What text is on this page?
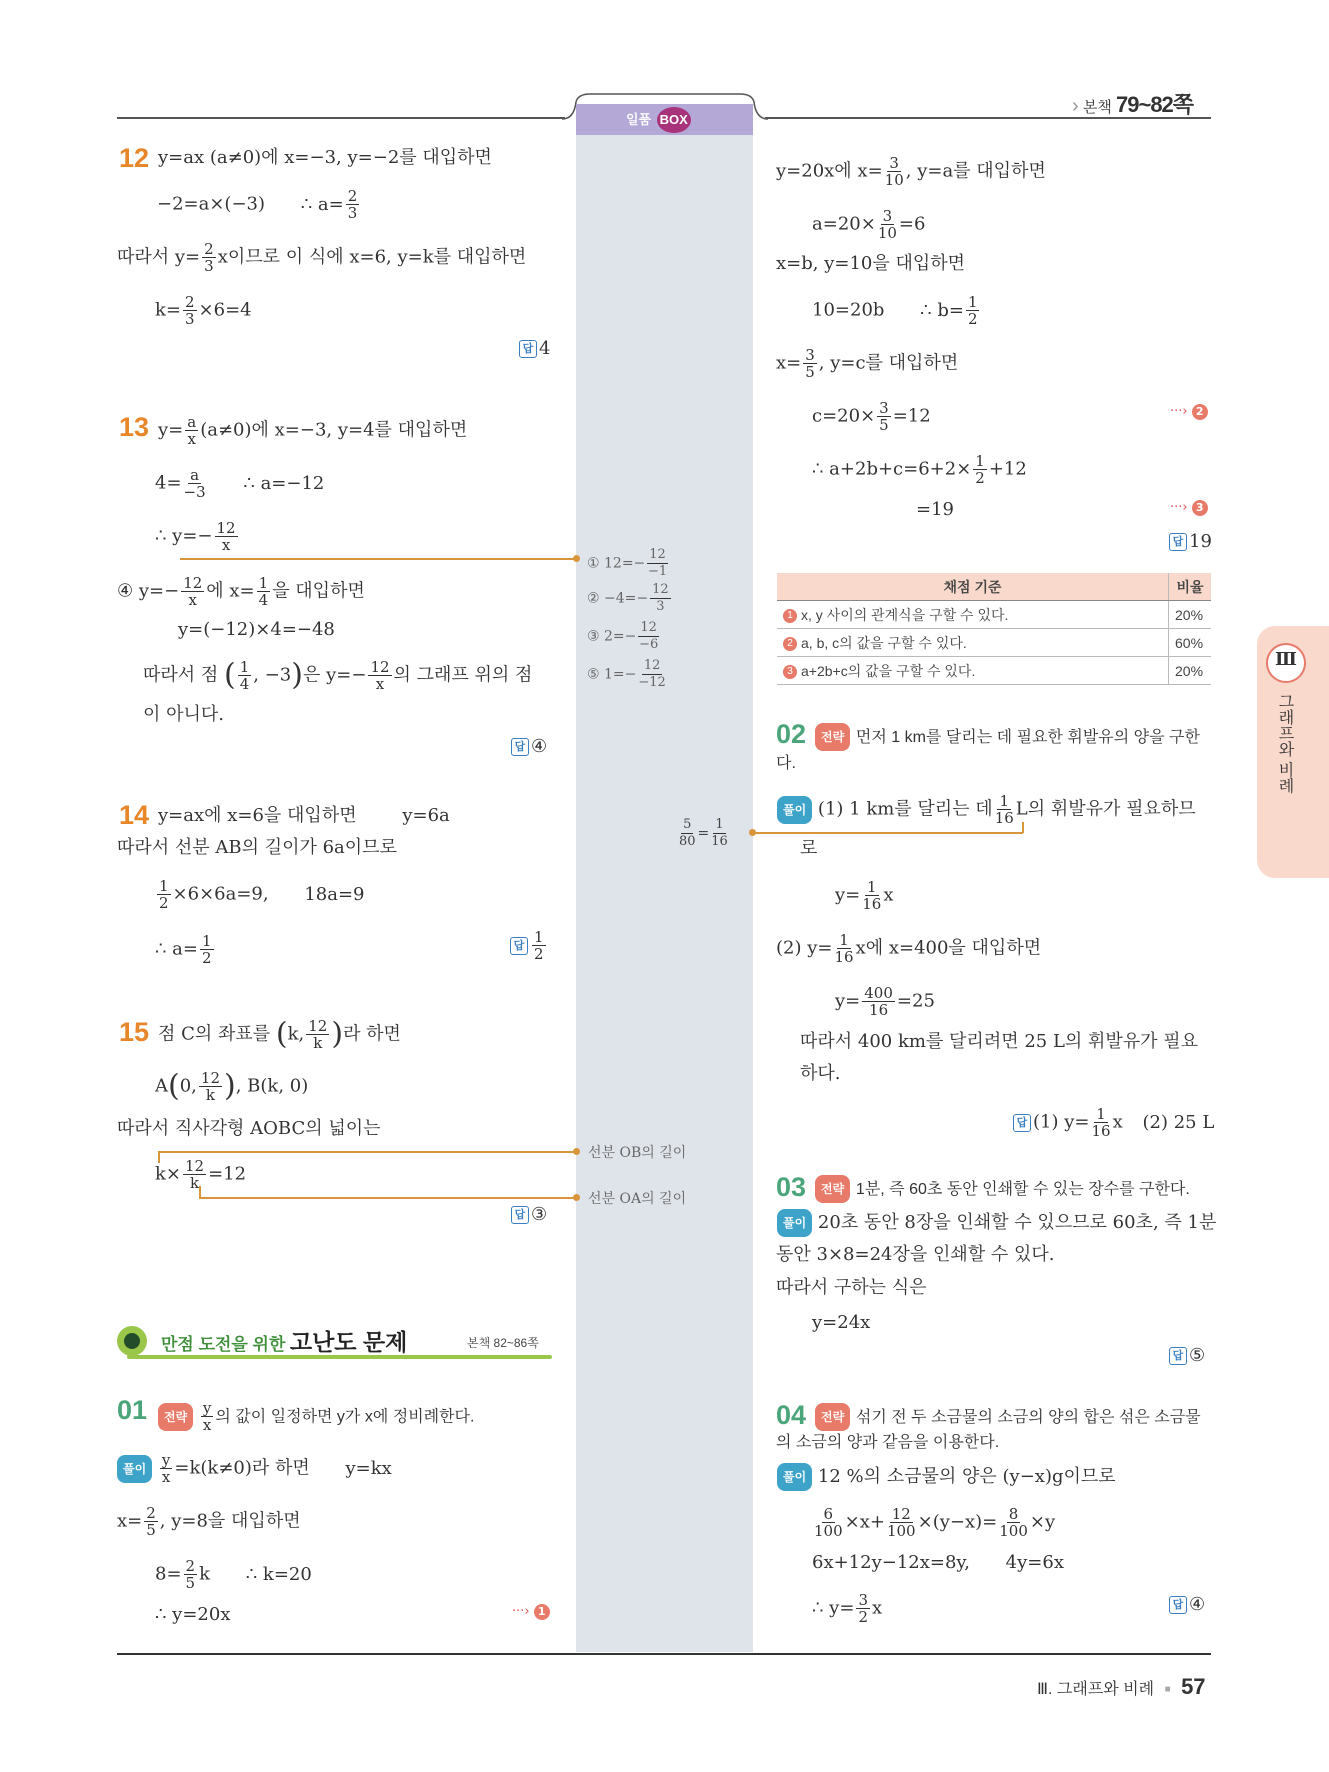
› 본책 79~82쪽
일품 BOX
12 y=ax (a≠0)에 x=−3, y=−2를 대입하면
−2=a×(−3) ∴ $a= \frac{2}{3}$
따라서 $y= \frac{2}{3}$ x이므로 이 식에 x=6, y=k를 대입하면
$k= \frac{2}{3} \times 6=4$
답 4
13 $y= \frac{a}{x} (a\ne 0)$에 x=−3, y=4를 대입하면
$4= \frac{a}{-3}$ ∴ a=−12
∴ $y=- \frac{12}{x}$
④ $y=- \frac{12}{x}$ 에 $x= \frac{1}{4}$ 을 대입하면
y=(−12)×4=−48
따라서 점 ( $\frac{1}{4}$ , −3)은 $y=- \frac{12}{x}$ 의 그래프 위의 점
이 아니다.
답 ④
① $12=- \frac{12}{-1}$
② $-4=- \frac{12}{3}$
③ $2=- \frac{12}{-6}$
⑤ $1=- \frac{12}{-12}$
14 y=ax에 x=6을 대입하면	y=6a
따라서 선분 AB의 길이가 6a이므로
$\frac{1}{2} \times 6\times 6a=9$, 18a=9
∴ $a= \frac{1}{2}$	답 $\frac{1}{2}$
15 점 C의 좌표를 (k, $\frac{12}{k}$ )라 하면
A(0, $\frac{12}{k}$ ), B(k, 0)
따라서 직사각형 AOBC의 넓이는
$k\times \frac{12}{k} =12$
선분 OB의 길이
선분 OA의 길이
답 ③
만점 도전을 위한 고난도 문제	본책 82~86쪽
01	전략 $\frac{y}{x}$ 의 값이 일정하면 y가 x에 정비례한다.
풀이 $\frac{y}{x} =k(k\ne 0)$라 하면 y=kx
$x= \frac{2}{5}$ , y=8을 대입하면
$8= \frac{2}{5}$ k ∴ k=20
∴ y=20x	···› 1
y=20x에 $x= \frac{3}{10}$ , y=a를 대입하면
$a=20\times \frac{3}{10} =6$
x=b, y=10을 대입하면
10=20b ∴ $b= \frac{1}{2}$
$x= \frac{3}{5}$ , y=c를 대입하면
$c=20\times \frac{3}{5} =12$	···› 2
∴ $a+2b+c=6+2\times \frac{1}{2} +12$
=19	···› 3
답 19
채점 기준	비율
1 x, y 사이의 관계식을 구할 수 있다.	20%
2 a, b, c의 값을 구할 수 있다.	60%
3 a+2b+c의 값을 구할 수 있다.	20%
02	전략 먼저 1 km를 달리는 데 필요한 휘발유의 양을 구한
다.
풀이 (1) 1 km를 달리는 데 $\frac{1}{16}$ L의 휘발유가 필요하므
로
$y= \frac{1}{16}$ x
(2) $y= \frac{1}{16}$ x에 x=400을 대입하면
$y= \frac{400}{16} =25$
따라서 400 km를 달리려면 25 L의 휘발유가 필요
하다.
답 (1) $y= \frac{1}{16}$ x (2) 25 L
$\frac{5}{80} = \frac{1}{16}$
03	전략 1분, 즉 60초 동안 인쇄할 수 있는 장수를 구한다.
풀이 20초 동안 8장을 인쇄할 수 있으므로 60초, 즉 1분
동안 3×8=24장을 인쇄할 수 있다.
따라서 구하는 식은
y=24x
답 ⑤
04	전략 섞기 전 두 소금물의 소금의 양의 합은 섞은 소금물
의 소금의 양과 같음을 이용한다.
풀이 12 %의 소금물의 양은 (y−x)g이므로
$\frac{6}{100} \times x+ \frac{12}{100} \times(y-x)= \frac{8}{100} \times y$
6x+12y−12x=8y, 4y=6x
∴ $y= \frac{3}{2}$ x	답 ④
Ⅲ
그래프와 비례
Ⅲ. 그래프와 비례 ■ 57
